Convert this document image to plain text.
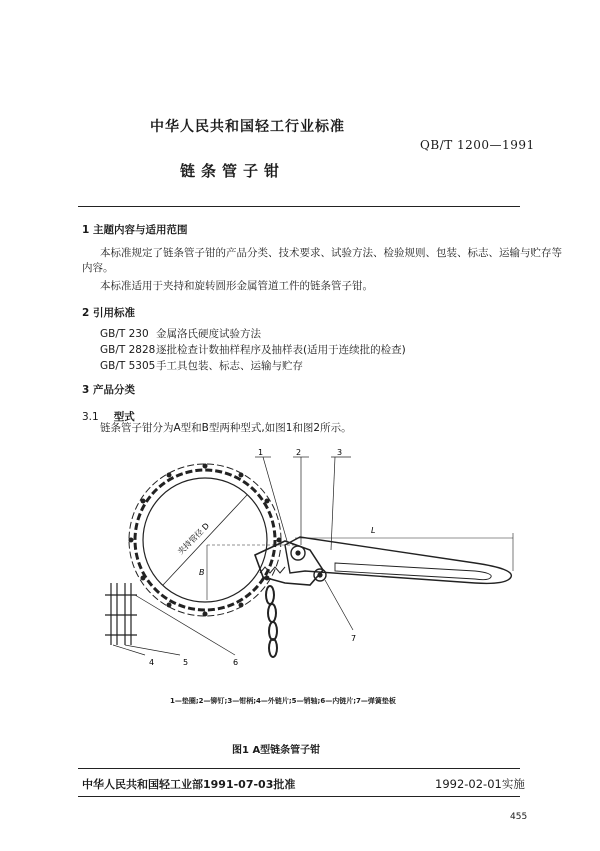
中华人民共和国轻工行业标准
QB/T 1200—1991
链条管子钳
1 主题内容与适用范围
本标准规定了链条管子钳的产品分类、技术要求、试验方法、检验规则、包装、标志、运输与贮存等
内容。
本标准适用于夹持和旋转圆形金属管道工件的链条管子钳。
2 引用标准
GB/T 230 金属洛氏硬度试验方法
GB/T 2828逐批检查计数抽样程序及抽样表(适用于连续批的检查)
GB/T 5305手工具包装、标志、运输与贮存
3 产品分类
3.1 型式
链条管子钳分为A型和B型两种型式,如图1和图2所示。
1	2	3
4	5	6
7
L
B
夹持管径 D
1—垫圈;2—铆钉;3—钳柄;4—外链片;5—销轴;6—内链片;7—弹簧垫板
图1 A型链条管子钳
中华人民共和国轻工业部1991-07-03批准	1992-02-01实施
455
